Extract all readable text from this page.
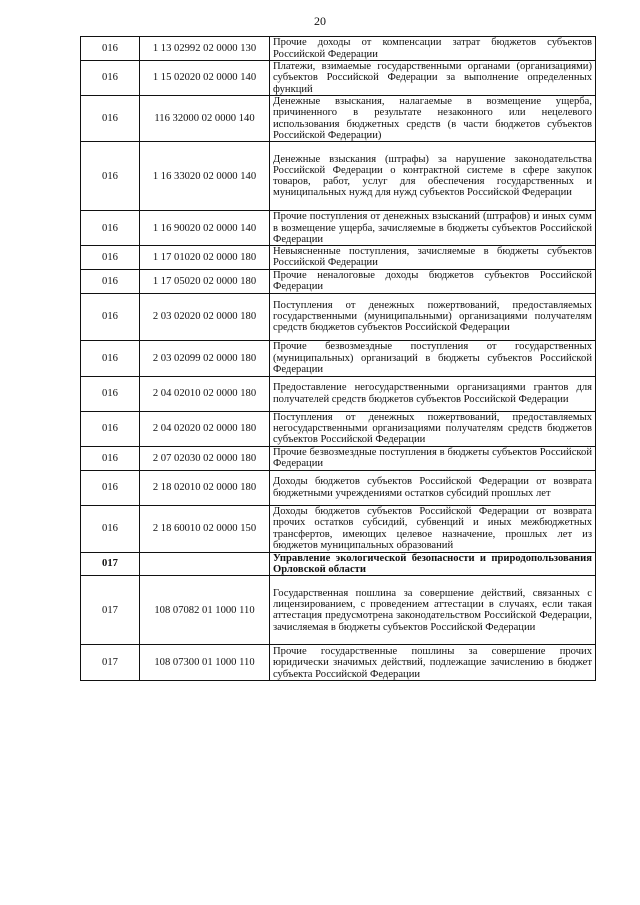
20
016	1 13 02992 02 0000 130	Прочие доходы от компенсации затрат бюджетов субъектов Российской Федерации
016	1 15 02020 02 0000 140	Платежи, взимаемые государственными органами (организациями) субъектов Российской Федерации за выполнение определенных функций
016	116 32000 02 0000 140	Денежные взыскания, налагаемые в возмещение ущерба, причиненного в результате незаконного или нецелевого использования бюджетных средств (в части бюджетов субъектов Российской Федерации)
016	1 16 33020 02 0000 140	Денежные взыскания (штрафы) за нарушение законодательства Российской Федерации о контрактной системе в сфере закупок товаров, работ, услуг для обеспечения государственных и муниципальных нужд для нужд субъектов Российской Федерации
016	1 16 90020 02 0000 140	Прочие поступления от денежных взысканий (штрафов) и иных сумм в возмещение ущерба, зачисляемые в бюджеты субъектов Российской Федерации
016	1 17 01020 02 0000 180	Невыясненные поступления, зачисляемые в бюджеты субъектов Российской Федерации
016	1 17 05020 02 0000 180	Прочие неналоговые доходы бюджетов субъектов Российской Федерации
016	2 03 02020 02 0000 180	Поступления от денежных пожертвований, предоставляемых государственными (муниципальными) организациями получателям средств бюджетов субъектов Российской Федерации
016	2 03 02099 02 0000 180	Прочие безвозмездные поступления от государственных (муниципальных) организаций в бюджеты субъектов Российской Федерации
016	2 04 02010 02 0000 180	Предоставление негосударственными организациями грантов для получателей средств бюджетов субъектов Российской Федерации
016	2 04 02020 02 0000 180	Поступления от денежных пожертвований, предоставляемых негосударственными организациями получателям средств бюджетов субъектов Российской Федерации
016	2 07 02030 02 0000 180	Прочие безвозмездные поступления в бюджеты субъектов Российской Федерации
016	2 18 02010 02 0000 180	Доходы бюджетов субъектов Российской Федерации от возврата бюджетными учреждениями остатков субсидий прошлых лет
016	2 18 60010 02 0000 150	Доходы бюджетов субъектов Российской Федерации от возврата прочих остатков субсидий, субвенций и иных межбюджетных трансфертов, имеющих целевое назначение, прошлых лет из бюджетов муниципальных образований
017		Управление экологической безопасности и природопользования Орловской области
017	108 07082 01 1000 110	Государственная пошлина за совершение действий, связанных с лицензированием, с проведением аттестации в случаях, если такая аттестация предусмотрена законодательством Российской Федерации, зачисляемая в бюджеты субъектов Российской Федерации
017	108 07300 01 1000 110	Прочие государственные пошлины за совершение прочих юридически значимых действий, подлежащие зачислению в бюджет субъекта Российской Федерации
